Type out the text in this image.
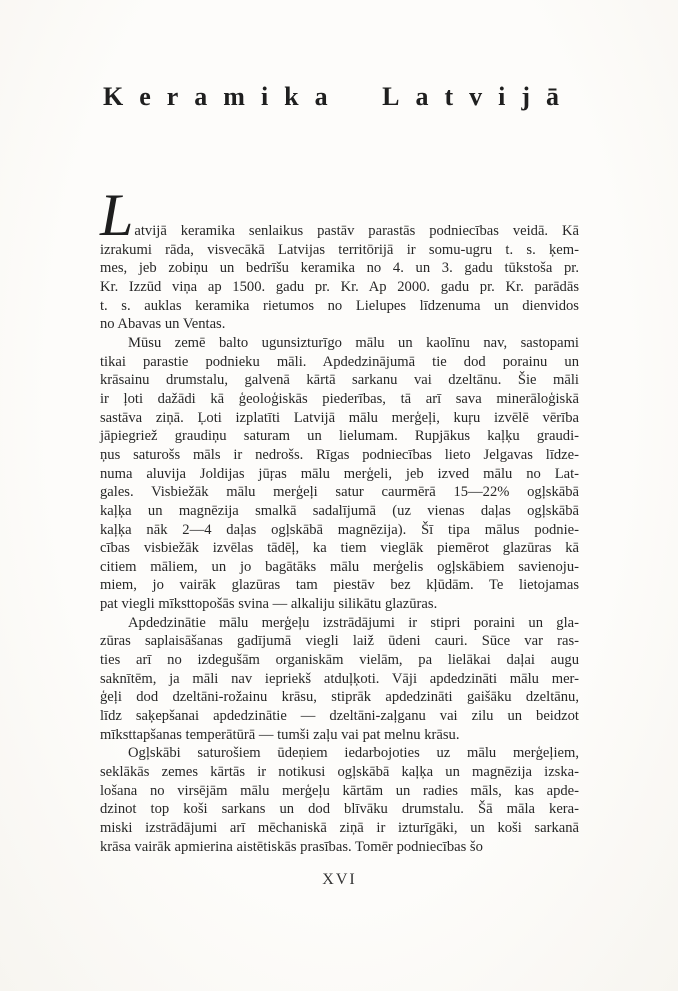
Keramika Latvijā
Latvijā keramika senlaikus pastāv parastās podniecības veidā. Kā
izrakumi rāda, visvecākā Latvijas territōrijā ir somu-ugru t. s. ķem-
mes, jeb zobiņu un bedrīšu keramika no 4. un 3. gadu tūkstoša pr.
Kr. Izzūd viņa ap 1500. gadu pr. Kr. Ap 2000. gadu pr. Kr. parādās
t. s. auklas keramika rietumos no Lielupes līdzenuma un dienvidos
no Abavas un Ventas.
Mūsu zemē balto ugunsizturīgo mālu un kaolīnu nav, sastopami
tikai parastie podnieku māli. Apdedzinājumā tie dod porainu un
krāsainu drumstalu, galvenā kārtā sarkanu vai dzeltānu. Šie māli
ir ļoti dažādi kā ģeoloģiskās piederības, tā arī sava minerāloģiskā
sastāva ziņā. Ļoti izplatīti Latvijā mālu merģeļi, kuŗu izvēlē vērība
jāpiegriež graudiņu saturam un lielumam. Rupjākus kaļķu graudi-
ņus saturošs māls ir nedrošs. Rīgas podniecības lieto Jelgavas līdze-
numa aluvija Joldijas jūŗas mālu merģeli, jeb izved mālu no Lat-
gales. Visbiežāk mālu merģeļi satur caurmērā 15—22% ogļskābā
kaļķa un magnēzija smalkā sadalījumā (uz vienas daļas ogļskābā
kaļķa nāk 2—4 daļas ogļskābā magnēzija). Šī tipa mālus podnie-
cības visbiežāk izvēlas tādēļ, ka tiem vieglāk piemērot glazūras kā
citiem māliem, un jo bagātāks mālu merģelis ogļskābiem savienoju-
miem, jo vairāk glazūras tam piestāv bez kļūdām. Te lietojamas
pat viegli mīksttopošās svina — alkaliju silikātu glazūras.
Apdedzinātie mālu merģeļu izstrādājumi ir stipri poraini un gla-
zūras saplaisāšanas gadījumā viegli laiž ūdeni cauri. Sūce var ras-
ties arī no izdegušām organiskām vielām, pa lielākai daļai augu
saknītēm, ja māli nav iepriekš atduļķoti. Vāji apdedzināti mālu mer-
ģeļi dod dzeltāni-rožainu krāsu, stiprāk apdedzināti gaišāku dzeltānu,
līdz saķepšanai apdedzinātie — dzeltāni-zaļganu vai zilu un beidzot
mīksttapšanas temperātūrā — tumši zaļu vai pat melnu krāsu.
Ogļskābi saturošiem ūdeņiem iedarbojoties uz mālu merģeļiem,
seklākās zemes kārtās ir notikusi ogļskābā kaļķa un magnēzija izska-
lošana no virsējām mālu merģeļu kārtām un radies māls, kas apde-
dzinot top koši sarkans un dod blīvāku drumstalu. Šā māla kera-
miski izstrādājumi arī mēchaniskā ziņā ir izturīgāki, un koši sarkanā
krāsa vairāk apmierina aistētiskās prasības. Tomēr podniecības šo
XVI
